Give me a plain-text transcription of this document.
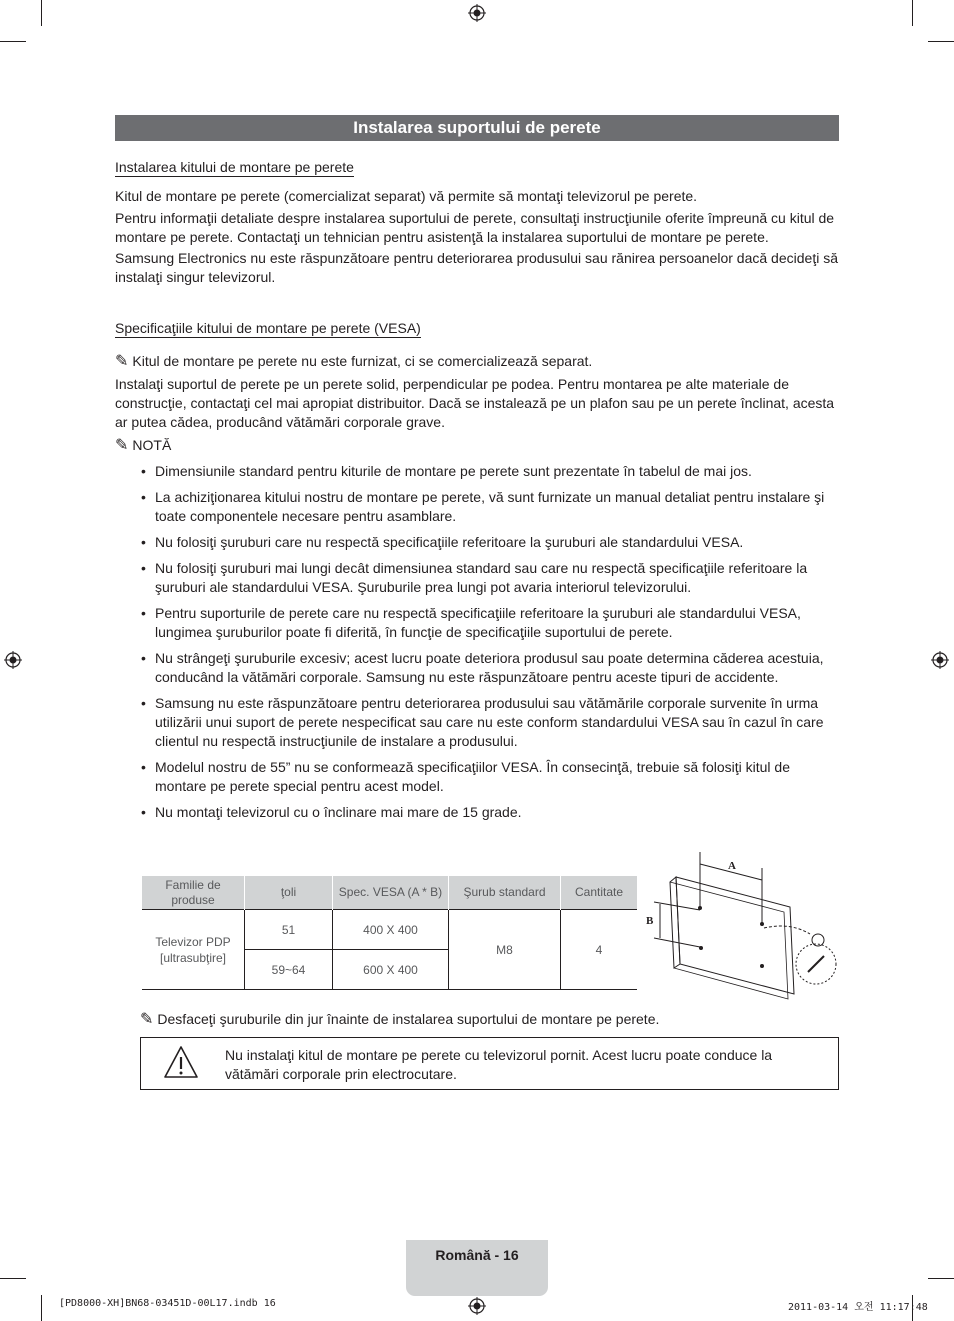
Instalarea suportului de perete
Instalarea kitului de montare pe perete
Kitul de montare pe perete (comercializat separat) vă permite să montaţi televizorul pe perete.
Pentru informaţii detaliate despre instalarea suportului de perete, consultaţi instrucţiunile oferite împreună cu kitul de montare pe perete. Contactaţi un tehnician pentru asistenţă la instalarea suportului de montare pe perete.
Samsung Electronics nu este răspunzătoare pentru deteriorarea produsului sau rănirea persoanelor dacă decideţi să instalaţi singur televizorul.
Specificaţiile kitului de montare pe perete (VESA)
✎ Kitul de montare pe perete nu este furnizat, ci se comercializează separat.
Instalaţi suportul de perete pe un perete solid, perpendicular pe podea. Pentru montarea pe alte materiale de construcţie, contactaţi cel mai apropiat distribuitor. Dacă se instalează pe un plafon sau pe un perete înclinat, acesta ar putea cădea, producând vătămări corporale grave.
✎ NOTĂ
• Dimensiunile standard pentru kiturile de montare pe perete sunt prezentate în tabelul de mai jos.
• La achiziţionarea kitului nostru de montare pe perete, vă sunt furnizate un manual detaliat pentru instalare şi toate componentele necesare pentru asamblare.
• Nu folosiţi şuruburi care nu respectă specificaţiile referitoare la şuruburi ale standardului VESA.
• Nu folosiţi şuruburi mai lungi decât dimensiunea standard sau care nu respectă specificaţiile referitoare la şuruburi ale standardului VESA. Şuruburile prea lungi pot avaria interiorul televizorului.
• Pentru suporturile de perete care nu respectă specificaţiile referitoare la şuruburi ale standardului VESA, lungimea şuruburilor poate fi diferită, în funcţie de specificaţiile suportului de perete.
• Nu strângeţi şuruburile excesiv; acest lucru poate deteriora produsul sau poate determina căderea acestuia, conducând la vătămări corporale. Samsung nu este răspunzătoare pentru aceste tipuri de accidente.
• Samsung nu este răspunzătoare pentru deteriorarea produsului sau vătămările corporale survenite în urma utilizării unui suport de perete nespecificat sau care nu este conform standardului VESA sau în cazul în care clientul nu respectă instrucţiunile de instalare a produsului.
• Modelul nostru de 55” nu se conformează specificaţiilor VESA. În consecinţă, trebuie să folosiţi kitul de montare pe perete special pentru acest model.
• Nu montaţi televizorul cu o înclinare mai mare de 15 grade.
Familie de produse	ţoli	Spec. VESA (A * B)	Şurub standard	Cantitate
Televizor PDP [ultrasubţire]	51	400 X 400	M8	4
	59~64	600 X 400		
A
B
✎ Desfaceţi şuruburile din jur înainte de instalarea suportului de montare pe perete.
Nu instalaţi kitul de montare pe perete cu televizorul pornit. Acest lucru poate conduce la vătămări corporale prin electrocutare.
Română - 16
[PD8000-XH]BN68-03451D-00L17.indb 16	2011-03-14 오전 11:17:48
